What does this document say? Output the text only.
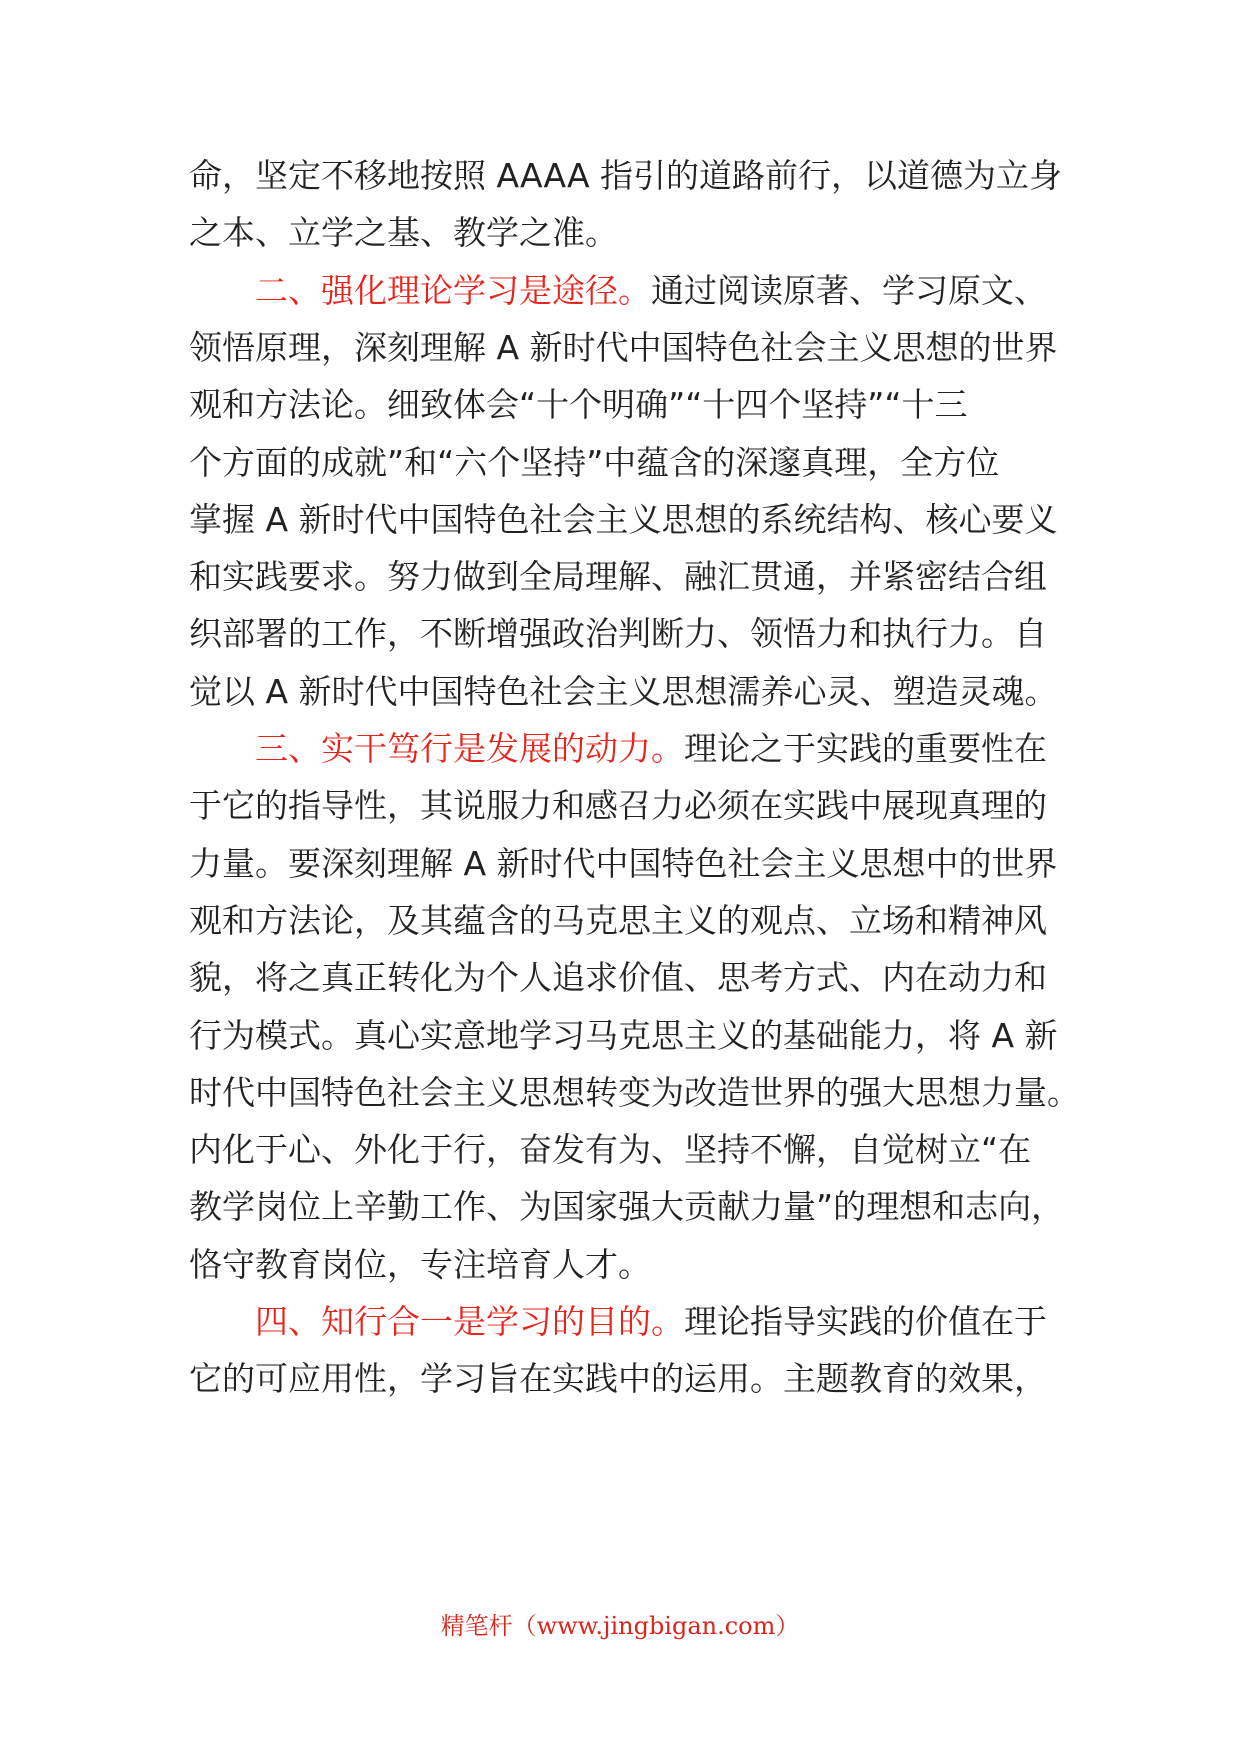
命，坚定不移地按照 AAAA 指引的道路前行，以道德为立身
之本、立学之基、教学之准。
二、强化理论学习是途径。通过阅读原著、学习原文、
领悟原理，深刻理解 A 新时代中国特色社会主义思想的世界
观和方法论。细致体会“十个明确”“十四个坚持”“十三
个方面的成就”和“六个坚持”中蕴含的深邃真理，全方位
掌握 A 新时代中国特色社会主义思想的系统结构、核心要义
和实践要求。努力做到全局理解、融汇贯通，并紧密结合组
织部署的工作，不断增强政治判断力、领悟力和执行力。自
觉以 A 新时代中国特色社会主义思想濡养心灵、塑造灵魂。
三、实干笃行是发展的动力。理论之于实践的重要性在
于它的指导性，其说服力和感召力必须在实践中展现真理的
力量。要深刻理解 A 新时代中国特色社会主义思想中的世界
观和方法论，及其蕴含的马克思主义的观点、立场和精神风
貌，将之真正转化为个人追求价值、思考方式、内在动力和
行为模式。真心实意地学习马克思主义的基础能力，将 A 新
时代中国特色社会主义思想转变为改造世界的强大思想力量。
内化于心、外化于行，奋发有为、坚持不懈，自觉树立“在
教学岗位上辛勤工作、为国家强大贡献力量”的理想和志向，
恪守教育岗位，专注培育人才。
四、知行合一是学习的目的。理论指导实践的价值在于
它的可应用性，学习旨在实践中的运用。主题教育的效果，
精笔杆（www.jingbigan.com）
